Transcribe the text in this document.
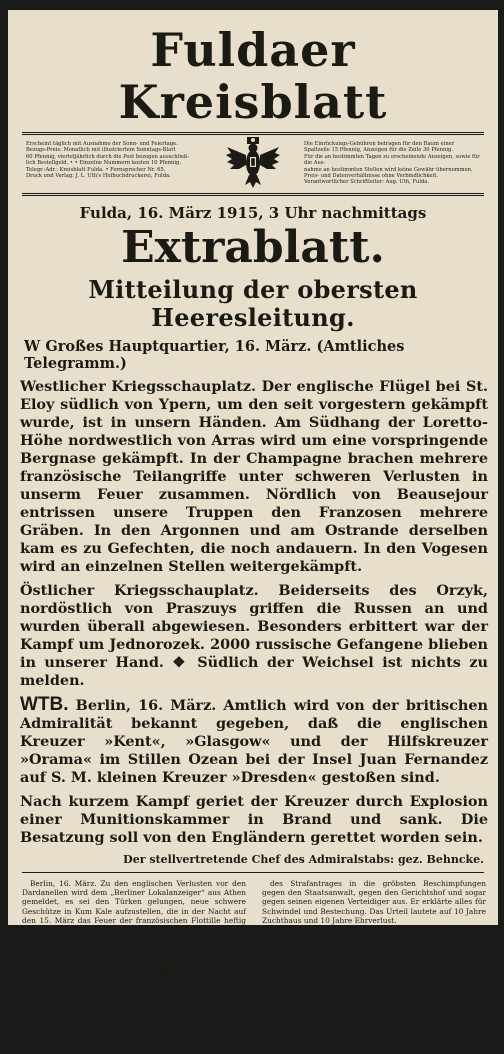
Fuldaer Kreisblatt
Erscheint täglich mit Ausnahme der Sonn- und Feiertage.
Bezugs-Preis: Monatlich mit illustriertem Sonntags-Blatt
60 Pfennig, vierteljährlich durch die Post bezogen ausschließ-
lich Bestellgeld. • • Einzelne Nummern kosten 10 Pfennig.
Telegr.-Adr.: Kreisblatt Fulda. • Fernsprecher Nr. 65.
Druck und Verlag: J. L. Uth's Hofbuchdruckerei, Fulda.
Die Einrückungs-Gebühren betragen für den Raum einer
Spaltzeile 15 Pfennig, Anzeigen für die Zeile 30 Pfennig.
Für die an bestimmten Tagen zu erscheinende Anzeigen, sowie für die Aus-
nahme an bestimmten Stellen wird keine Gewähr übernommen.
Preis- und Datenverhältnisse ohne Verbindlichkeit.
Verantwortlicher Schriftleiter: Aug. Uth, Fulda.
Fulda, 16. März 1915, 3 Uhr nachmittags
Extrablatt.
Mitteilung der obersten Heeresleitung.
W Großes Hauptquartier, 16. März. (Amtliches Telegramm.)

Westlicher Kriegsschauplatz. Der englische Flügel bei St. Eloy südlich von Ypern, um den seit vorgestern gekämpft wurde, ist in unsern Händen. Am Südhang der Loretto-Höhe nordwestlich von Arras wird um eine vorspringende Bergnase gekämpft. In der Champagne brachen mehrere französische Teilangriffe unter schweren Verlusten in unserm Feuer zusammen. Nördlich von Beausejour entrissen unsere Truppen den Franzosen mehrere Gräben. In den Argonnen und am Ostrande derselben kam es zu Gefechten, die noch andauern. In den Vogesen wird an einzelnen Stellen weitergekämpft.

Östlicher Kriegsschauplatz. Beiderseits des Orzyk, nordöstlich von Praszuys griffen die Russen an und wurden überall abgewiesen. Besonders erbittert war der Kampf um Jednorozek. 2000 russische Gefangene blieben in unserer Hand. ❖ Südlich der Weichsel ist nichts zu melden.

WTB. Berlin, 16. März. Amtlich wird von der britischen Admiralität bekannt gegeben, daß die englischen Kreuzer »Kent«, »Glasgow« und der Hilfskreuzer »Orama« im Stillen Ozean bei der Insel Juan Fernandez auf S. M. kleinen Kreuzer »Dresden« gestoßen sind.

Nach kurzem Kampf geriet der Kreuzer durch Explosion einer Munitionskammer in Brand und sank. Die Besatzung soll von den Engländern gerettet worden sein.

Der stellvertretende Chef des Admiralstabs: gez. Behncke.

Berlin, 16. März. Zu den englischen Verlusten vor den Dardanellen wird dem „Berliner Lokalanzeiger“ aus Athen gemeldet, es sei den Türken gelungen, neue schwere Geschütze in Kum Kale aufzustellen, die in der Nacht auf den 15. März das Feuer der französischen Flottille heftig erwiderten. Zwei schwerbeschädigte englische Kreuzer seien nach Malta gebracht worden; einer davon habe 20 Treffer erhalten.

Berlin, 16. März. Aus Kopenhagen wird dem „Berl. Tageblatt“ telegraphiert: Die morganatische Gemahlin des verstorbenen Königs Leopold von Belgien Baronin Vaughan, die sich in Paris aufhielt, hat sich, wie der „Temps“ meldet, durch einen Revolverschuß getötet.

Berlin, 16. März. Die Geschworenen im Thormann-Prozeß in Kölln bejahten, bejahten fast alle Schuldfragen unter Verneinung mildernder Umstände. Der Staatsanwalt beantragte eine Gesamtstrafe von 8 Jahren Zuchthaus. Der Angeklagte bracht bei Verlesung

des Strafantrages in die gröbsten Beschimpfungen gegen den Staatsanwalt, gegen den Gerichtshof und sogar gegen seinen eigenen Verteidiger aus. Er erklärte alles für Schwindel und Bestechung. Das Urteil lautete auf 10 Jahre Zuchthaus und 10 Jahre Ehrverlust.

Berlin, 16. März. An der südamerikanischen Küste ist, wie dem „Berliner Lokalanzeiger“ und dem „Berliner Tageblatt“ gemeldet wird, das englische Segelschiff (der „Berliner Lokalanzeiger“ sagt Dampfer) „Cornwall“ Castle von dem deutschen Kreuzer „Dresden“ in den Grund gebohrt worden. Wie dem „Berliner Lokalanzeiger“ weiter berichtet wird, ist jetzt festgestellt, daß die englischen Dampfer „Florazan“ und „Headland“, die nach einer amtlichen englischen Meldung von einem deutschen Torpedo getroffen wurden, gesunken sind.

Berlin, 16. März. Wie dem „Berliner Tageblatt“ aus Genf gemeldet wird, sei General Pau in Warschau eingetroffen. Es verlaute, daß er die dortigen Operationen leiten werde.
